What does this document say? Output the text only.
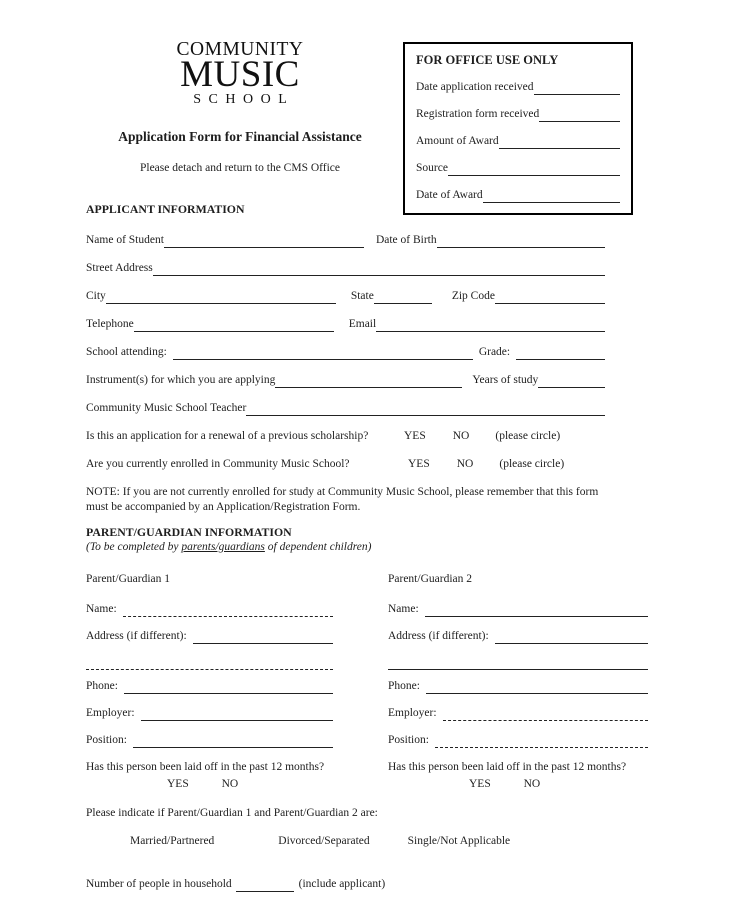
COMMUNITY
MUSIC
SCHOOL
FOR OFFICE USE ONLY
Date application received
Registration form received
Amount of Award
Source
Date of Award
Application Form for Financial Assistance
Please detach and return to the CMS Office
APPLICANT INFORMATION
Name of Student	Date of Birth
Street Address
City	State	Zip Code
Telephone	Email
School attending:	Grade:
Instrument(s) for which you are applying	Years of study
Community Music School Teacher
Is this an application for a renewal of a previous scholarship?	YES NO (please circle)
Are you currently enrolled in Community Music School?	YES NO (please circle)
NOTE: If you are not currently enrolled for study at Community Music School, please remember that this form
must be accompanied by an Application/Registration Form.
PARENT/GUARDIAN INFORMATION
(To be completed by parents/guardians of dependent children)
Parent/Guardian 1
Name:
Address (if different):
Phone:
Employer:
Position:
Has this person been laid off in the past 12 months?
YES	NO
Parent/Guardian 2
Name:
Address (if different):
Phone:
Employer:
Position:
Has this person been laid off in the past 12 months?
YES	NO
Please indicate if Parent/Guardian 1 and Parent/Guardian 2 are:
Married/Partnered	Divorced/Separated	Single/Not Applicable
Number of people in household	(include applicant)
